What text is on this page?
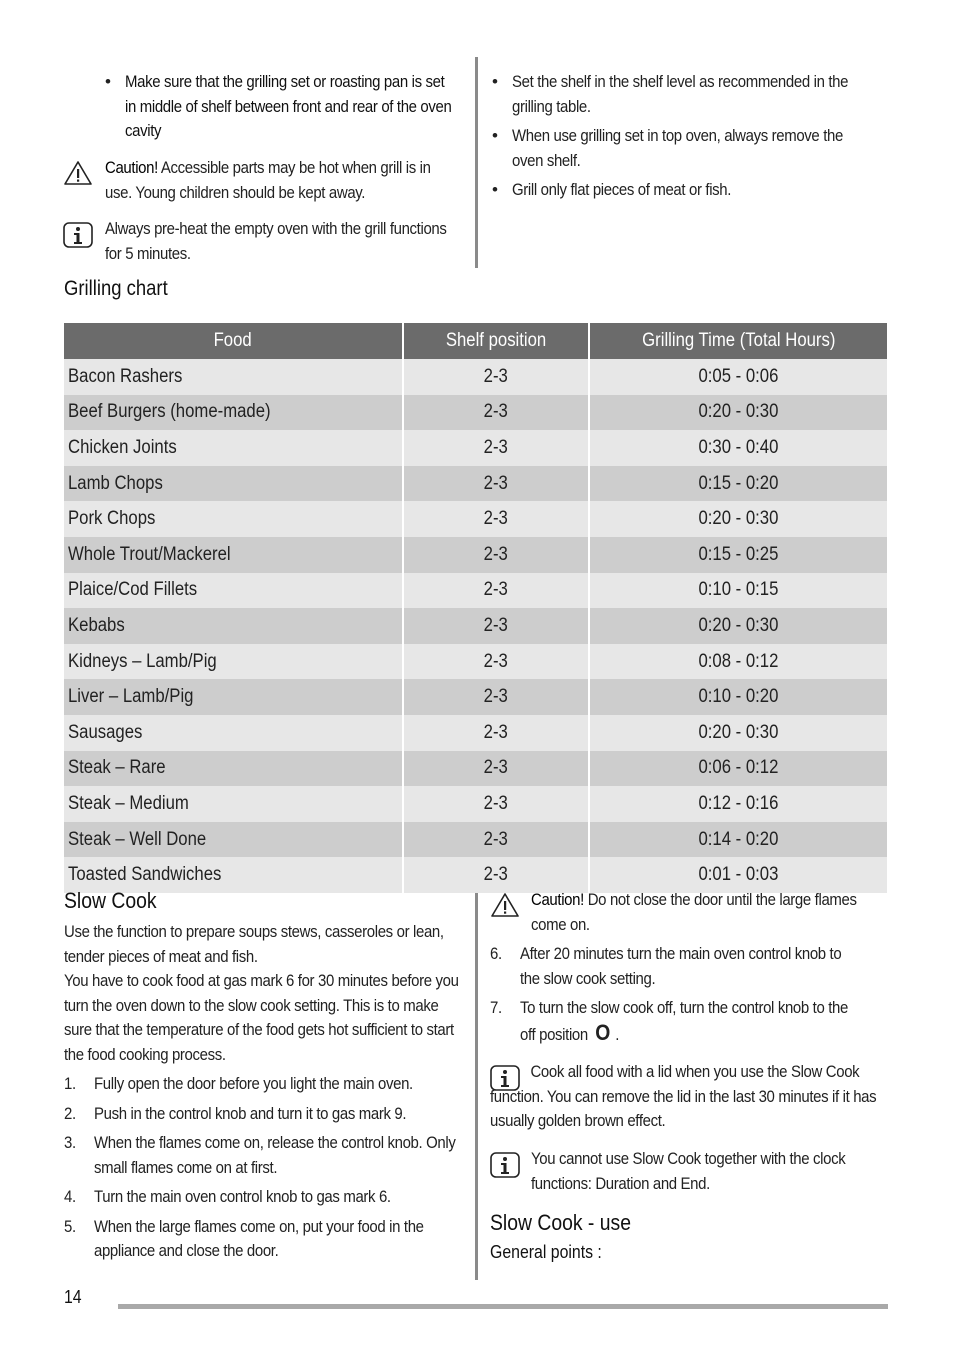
• Make sure that the grilling set or roasting pan is set in middle of shelf between front and rear of the oven cavity
Caution! Accessible parts may be hot when grill is in use. Young children should be kept away.
Always pre-heat the empty oven with the grill functions for 5 minutes.
• Set the shelf in the shelf level as recommended in the grilling table.
• When use grilling set in top oven, always remove the oven shelf.
• Grill only flat pieces of meat or fish.
Grilling chart
Food	Shelf position	Grilling Time (Total Hours)
Bacon Rashers	2-3	0:05 - 0:06
Beef Burgers (home-made)	2-3	0:20 - 0:30
Chicken Joints	2-3	0:30 - 0:40
Lamb Chops	2-3	0:15 - 0:20
Pork Chops	2-3	0:20 - 0:30
Whole Trout/Mackerel	2-3	0:15 - 0:25
Plaice/Cod Fillets	2-3	0:10 - 0:15
Kebabs	2-3	0:20 - 0:30
Kidneys – Lamb/Pig	2-3	0:08 - 0:12
Liver – Lamb/Pig	2-3	0:10 - 0:20
Sausages	2-3	0:20 - 0:30
Steak – Rare	2-3	0:06 - 0:12
Steak – Medium	2-3	0:12 - 0:16
Steak – Well Done	2-3	0:14 - 0:20
Toasted Sandwiches	2-3	0:01 - 0:03
Slow Cook
Use the function to prepare soups stews, casseroles or lean, tender pieces of meat and fish.
You have to cook food at gas mark 6 for 30 minutes before you turn the oven down to the slow cook setting. This is to make sure that the temperature of the food gets hot sufficient to start the food cooking process.
1.	Fully open the door before you light the main oven.
2.	Push in the control knob and turn it to gas mark 9.
3.	When the flames come on, release the control knob. Only small flames come on at first.
4.	Turn the main oven control knob to gas mark 6.
5.	When the large flames come on, put your food in the appliance and close the door.
Caution! Do not close the door until the large flames come on.
6.	After 20 minutes turn the main oven control knob to the slow cook setting.
7.	To turn the slow cook off, turn the control knob to the off position O .
Cook all food with a lid when you use the Slow Cook function. You can remove the lid in the last 30 minutes if it has usually golden brown effect.
You cannot use Slow Cook together with the clock functions: Duration and End.
Slow Cook - use
General points :
14
